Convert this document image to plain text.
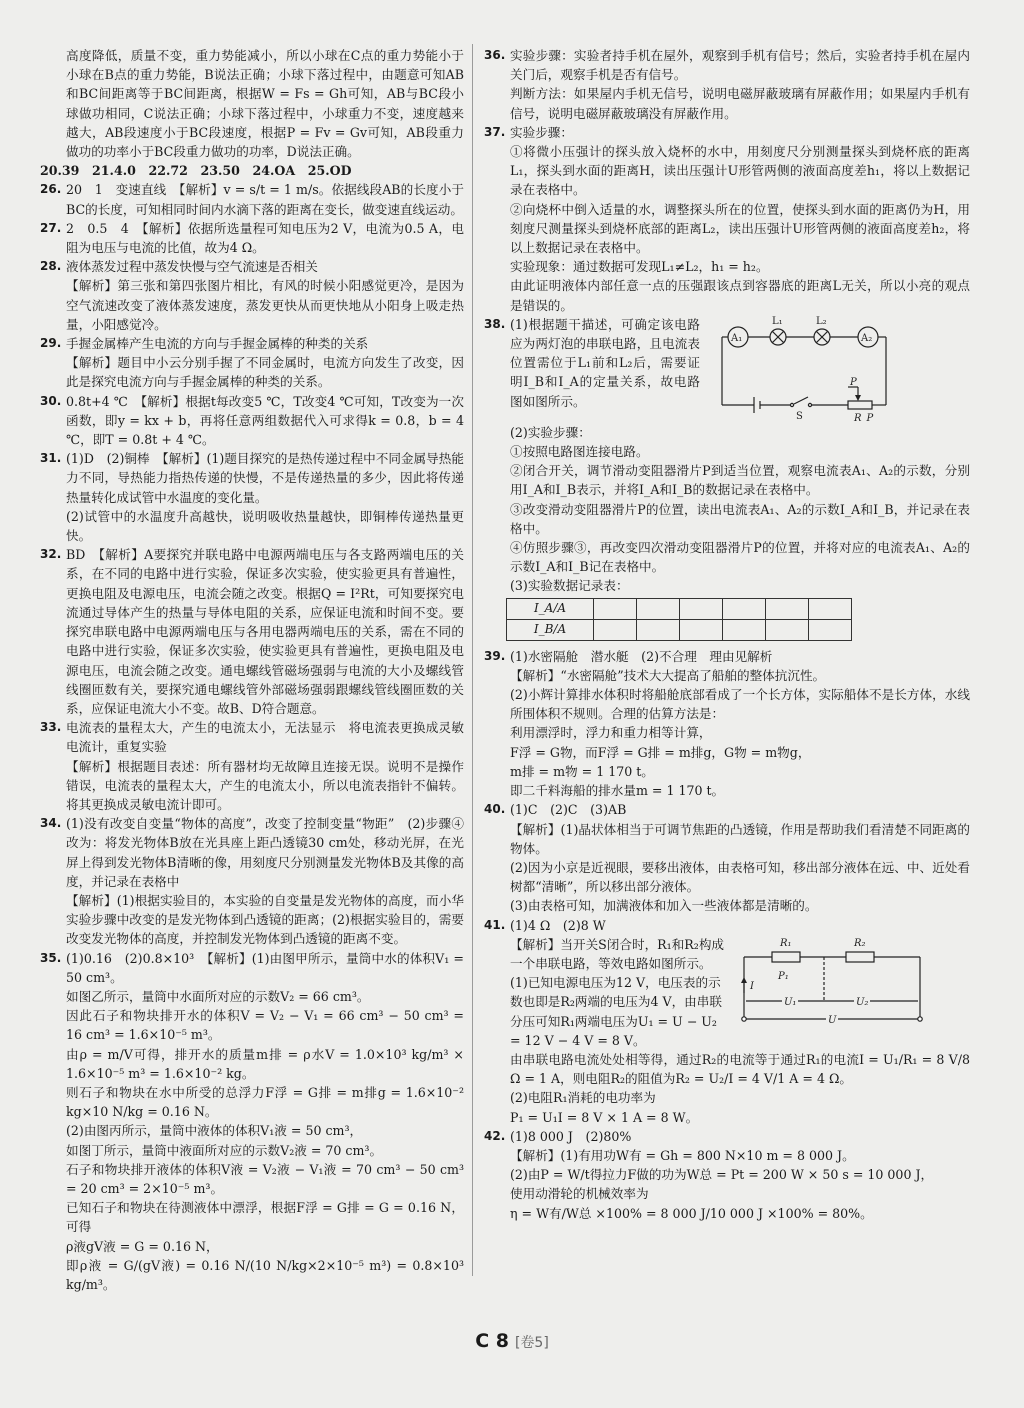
高度降低，质量不变，重力势能减小，所以小球在C点的重力势能小于小球在B点的重力势能，B说法正确；小球下落过程中，由题意可知AB和BC间距离等于BC间距离，根据W = Fs = Gh可知，AB与BC段小球做功相同，C说法正确；小球下落过程中，小球重力不变，速度越来越大，AB段速度小于BC段速度，根据P = Fv = Gv可知，AB段重力做功的功率小于BC段重力做功的功率，D说法正确。

20.39　21.4.0　22.72　23.50　24.OA　25.OD

26. 20　1　变速直线　【解析】v = s/t = 1 m/s。依据线段AB的长度小于BC的长度，可知相同时间内水滴下落的距离在变长，做变速直线运动。
27. 2　0.5　4　【解析】依据所选量程可知电压为2 V，电流为0.5 A，电阻为电压与电流的比值，故为4 Ω。
28. 液体蒸发过程中蒸发快慢与空气流速是否相关

【解析】第三张和第四张图片相比，有风的时候小阳感觉更冷，是因为空气流速改变了液体蒸发速度，蒸发更快从而更快地从小阳身上吸走热量，小阳感觉冷。

29. 手握金属棒产生电流的方向与手握金属棒的种类的关系

【解析】题目中小云分别手握了不同金属时，电流方向发生了改变，因此是探究电流方向与手握金属棒的种类的关系。

30. 0.8t+4 ℃　【解析】根据t每改变5 ℃，T改变4 ℃可知，T改变为一次函数，即y = kx + b，再将任意两组数据代入可求得k = 0.8，b = 4 ℃，即T = 0.8t + 4 ℃。
31. (1)D　(2)铜棒　【解析】(1)题目探究的是热传递过程中不同金属导热能力不同，导热能力指热传递的快慢，不是传递热量的多少，因此将传递热量转化成试管中水温度的变化量。

(2)试管中的水温度升高越快，说明吸收热量越快，即铜棒传递热量更快。

32. BD　【解析】A要探究并联电路中电源两端电压与各支路两端电压的关系，在不同的电路中进行实验，保证多次实验，使实验更具有普遍性，更换电阻及电源电压，电流会随之改变。根据Q = I²Rt，可知要探究电流通过导体产生的热量与导体电阻的关系，应保证电流和时间不变。要探究串联电路中电源两端电压与各用电器两端电压的关系，需在不同的电路中进行实验，保证多次实验，使实验更具有普遍性，更换电阻及电源电压，电流会随之改变。通电螺线管磁场强弱与电流的大小及螺线管线圈匝数有关，要探究通电螺线管外部磁场强弱跟螺线管线圈匝数的关系，应保证电流大小不变。故B、D符合题意。
33. 电流表的量程太大，产生的电流太小，无法显示　将电流表更换成灵敏电流计，重复实验

【解析】根据题目表述：所有器材均无故障且连接无误。说明不是操作错误，电流表的量程太大，产生的电流太小，所以电流表指针不偏转。将其更换成灵敏电流计即可。

34. (1)没有改变自变量“物体的高度”，改变了控制变量“物距”　(2)步骤④改为：将发光物体B放在光具座上距凸透镜30 cm处，移动光屏，在光屏上得到发光物体B清晰的像，用刻度尺分别测量发光物体B及其像的高度，并记录在表格中

【解析】(1)根据实验目的，本实验的自变量是发光物体的高度，而小华实验步骤中改变的是发光物体到凸透镜的距离；(2)根据实验目的，需要改变发光物体的高度，并控制发光物体到凸透镜的距离不变。

35. (1)0.16　(2)0.8×10³　【解析】(1)由图甲所示，量筒中水的体积V₁ = 50 cm³。

如图乙所示，量筒中水面所对应的示数V₂ = 66 cm³。

因此石子和物块排开水的体积V = V₂ − V₁ = 66 cm³ − 50 cm³ = 16 cm³ = 1.6×10⁻⁵ m³。

由ρ = m/V可得，排开水的质量m排 = ρ水V = 1.0×10³ kg/m³ × 1.6×10⁻⁵ m³ = 1.6×10⁻² kg。

则石子和物块在水中所受的总浮力F浮 = G排 = m排g = 1.6×10⁻² kg×10 N/kg = 0.16 N。

(2)由图丙所示，量筒中液体的体积V₁液 = 50 cm³，

如图丁所示，量筒中液面所对应的示数V₂液 = 70 cm³。

石子和物块排开液体的体积V液 = V₂液 − V₁液 = 70 cm³ − 50 cm³ = 20 cm³ = 2×10⁻⁵ m³。

已知石子和物块在待测液体中漂浮，根据F浮 = G排 = G = 0.16 N，可得

ρ液gV液 = G = 0.16 N，

即ρ液 = G/(gV液) = 0.16 N/(10 N/kg×2×10⁻⁵ m³) = 0.8×10³ kg/m³。

36. 实验步骤：实验者持手机在屋外，观察到手机有信号；然后，实验者持手机在屋内关门后，观察手机是否有信号。

判断方法：如果屋内手机无信号，说明电磁屏蔽玻璃有屏蔽作用；如果屋内手机有信号，说明电磁屏蔽玻璃没有屏蔽作用。

37. 实验步骤：

①将微小压强计的探头放入烧杯的水中，用刻度尺分别测量探头到烧杯底的距离L₁，探头到水面的距离H，读出压强计U形管两侧的液面高度差h₁，将以上数据记录在表格中。

②向烧杯中倒入适量的水，调整探头所在的位置，使探头到水面的距离仍为H，用刻度尺测量探头到烧杯底部的距离L₂，读出压强计U形管两侧的液面高度差h₂，将以上数据记录在表格中。

实验现象：通过数据可发现L₁≠L₂，h₁ = h₂。

由此证明液体内部任意一点的压强跟该点到容器底的距离L无关，所以小亮的观点是错误的。

38. (1)根据题干描述，可确定该电路应为两灯泡的串联电路，且电流表位置需位于L₁前和L₂后，需要证明I_B和I_A的定量关系，故电路图如图所示。
A₁	A₂
L₁	L₂
P
S	R_P

(2)实验步骤：

①按照电路图连接电路。

②闭合开关，调节滑动变阻器滑片P到适当位置，观察电流表A₁、A₂的示数，分别用I_A和I_B表示，并将I_A和I_B的数据记录在表格中。

③改变滑动变阻器滑片P的位置，读出电流表A₁、A₂的示数I_A和I_B，并记录在表格中。

④仿照步骤③，再改变四次滑动变阻器滑片P的位置，并将对应的电流表A₁、A₂的示数I_A和I_B记在表格中。

(3)实验数据记录表：

I_A/A						
I_B/A						
39. (1)水密隔舱　潜水艇　(2)不合理　理由见解析

【解析】“水密隔舱”技术大大提高了船舶的整体抗沉性。

(2)小辉计算排水体积时将船舱底部看成了一个长方体，实际船体不是长方体，水线所围体积不规则。合理的估算方法是：

利用漂浮时，浮力和重力相等计算，

F浮 = G物，而F浮 = G排 = m排g，G物 = m物g，

m排 = m物 = 1 170 t。

即二千料海船的排水量m = 1 170 t。

40. (1)C　(2)C　(3)AB

【解析】(1)晶状体相当于可调节焦距的凸透镜，作用是帮助我们看清楚不同距离的物体。

(2)因为小京是近视眼，要移出液体，由表格可知，移出部分液体在远、中、近处看树都“清晰”，所以移出部分液体。

(3)由表格可知，加满液体和加入一些液体都是清晰的。

41. (1)4 Ω　(2)8 W
【解析】当开关S闭合时，R₁和R₂构成一个串联电路，等效电路如图所示。(1)已知电源电压为12 V，电压表的示数也即是R₂两端的电压为4 V，由串联分压可知R₁两端电压为U₁ = U − U₂ = 12 V − 4 V = 8 V。
R₁	R₂
P₁
U₁	U₂
U
I

由串联电路电流处处相等得，通过R₂的电流等于通过R₁的电流I = U₁/R₁ = 8 V/8 Ω = 1 A，则电阻R₂的阻值为R₂ = U₂/I = 4 V/1 A = 4 Ω。

(2)电阻R₁消耗的电功率为

P₁ = U₁I = 8 V × 1 A = 8 W。

42. (1)8 000 J　(2)80%

【解析】(1)有用功W有 = Gh = 800 N×10 m = 8 000 J。

(2)由P = W/t得拉力F做的功为W总 = Pt = 200 W × 50 s = 10 000 J，

使用动滑轮的机械效率为

η = W有/W总 ×100% = 8 000 J/10 000 J ×100% = 80%。

C 8 [卷5]
